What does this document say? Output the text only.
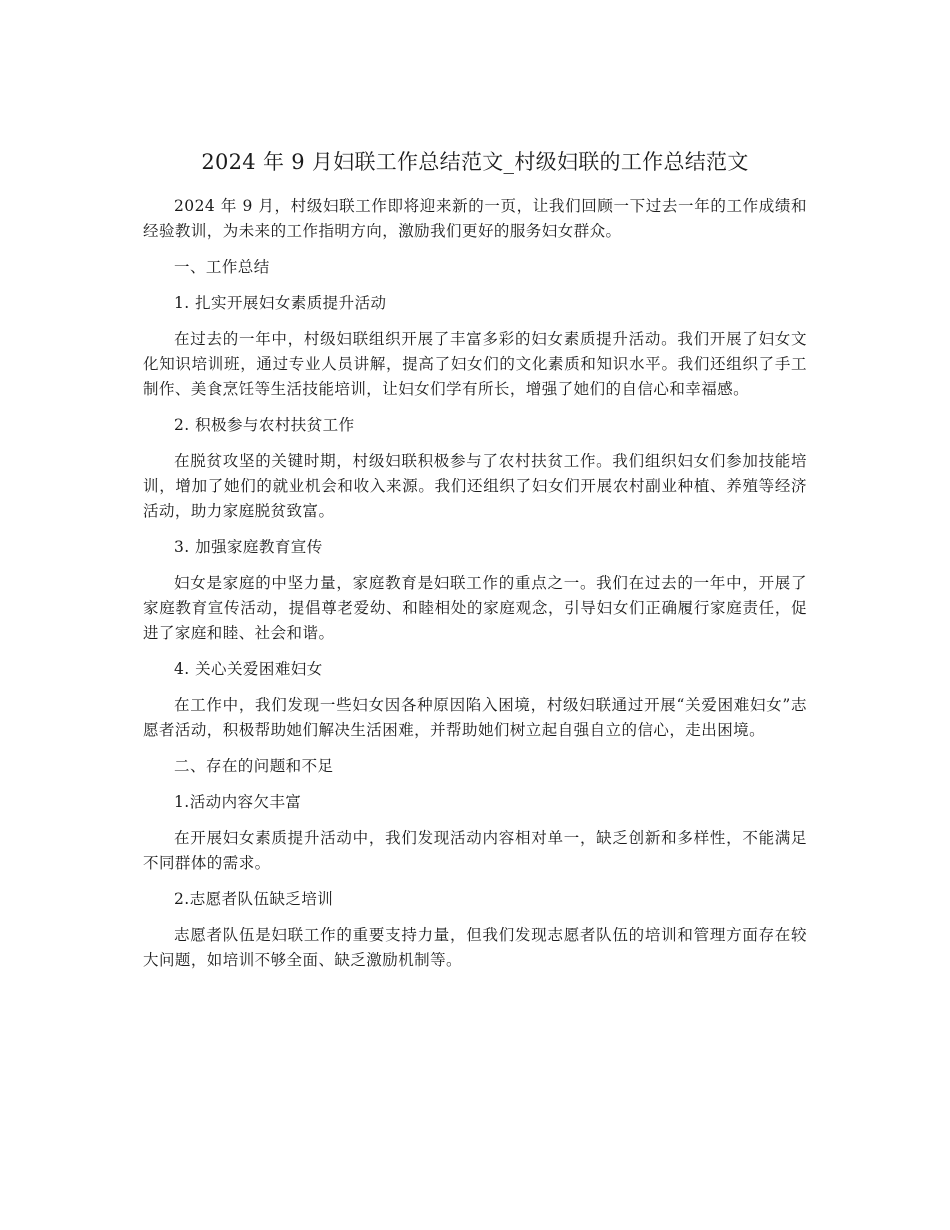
2024 年 9 月妇联工作总结范文_村级妇联的工作总结范文

2024 年 9 月，村级妇联工作即将迎来新的一页，让我们回顾一下过去一年的工作成绩和经验教训，为未来的工作指明方向，激励我们更好的服务妇女群众。

一、工作总结

1. 扎实开展妇女素质提升活动

在过去的一年中，村级妇联组织开展了丰富多彩的妇女素质提升活动。我们开展了妇女文化知识培训班，通过专业人员讲解，提高了妇女们的文化素质和知识水平。我们还组织了手工制作、美食烹饪等生活技能培训，让妇女们学有所长，增强了她们的自信心和幸福感。

2. 积极参与农村扶贫工作

在脱贫攻坚的关键时期，村级妇联积极参与了农村扶贫工作。我们组织妇女们参加技能培训，增加了她们的就业机会和收入来源。我们还组织了妇女们开展农村副业种植、养殖等经济活动，助力家庭脱贫致富。

3. 加强家庭教育宣传

妇女是家庭的中坚力量，家庭教育是妇联工作的重点之一。我们在过去的一年中，开展了家庭教育宣传活动，提倡尊老爱幼、和睦相处的家庭观念，引导妇女们正确履行家庭责任，促进了家庭和睦、社会和谐。

4. 关心关爱困难妇女

在工作中，我们发现一些妇女因各种原因陷入困境，村级妇联通过开展“关爱困难妇女”志愿者活动，积极帮助她们解决生活困难，并帮助她们树立起自强自立的信心，走出困境。

二、存在的问题和不足

1.活动内容欠丰富

在开展妇女素质提升活动中，我们发现活动内容相对单一，缺乏创新和多样性，不能满足不同群体的需求。

2.志愿者队伍缺乏培训

志愿者队伍是妇联工作的重要支持力量，但我们发现志愿者队伍的培训和管理方面存在较大问题，如培训不够全面、缺乏激励机制等。
